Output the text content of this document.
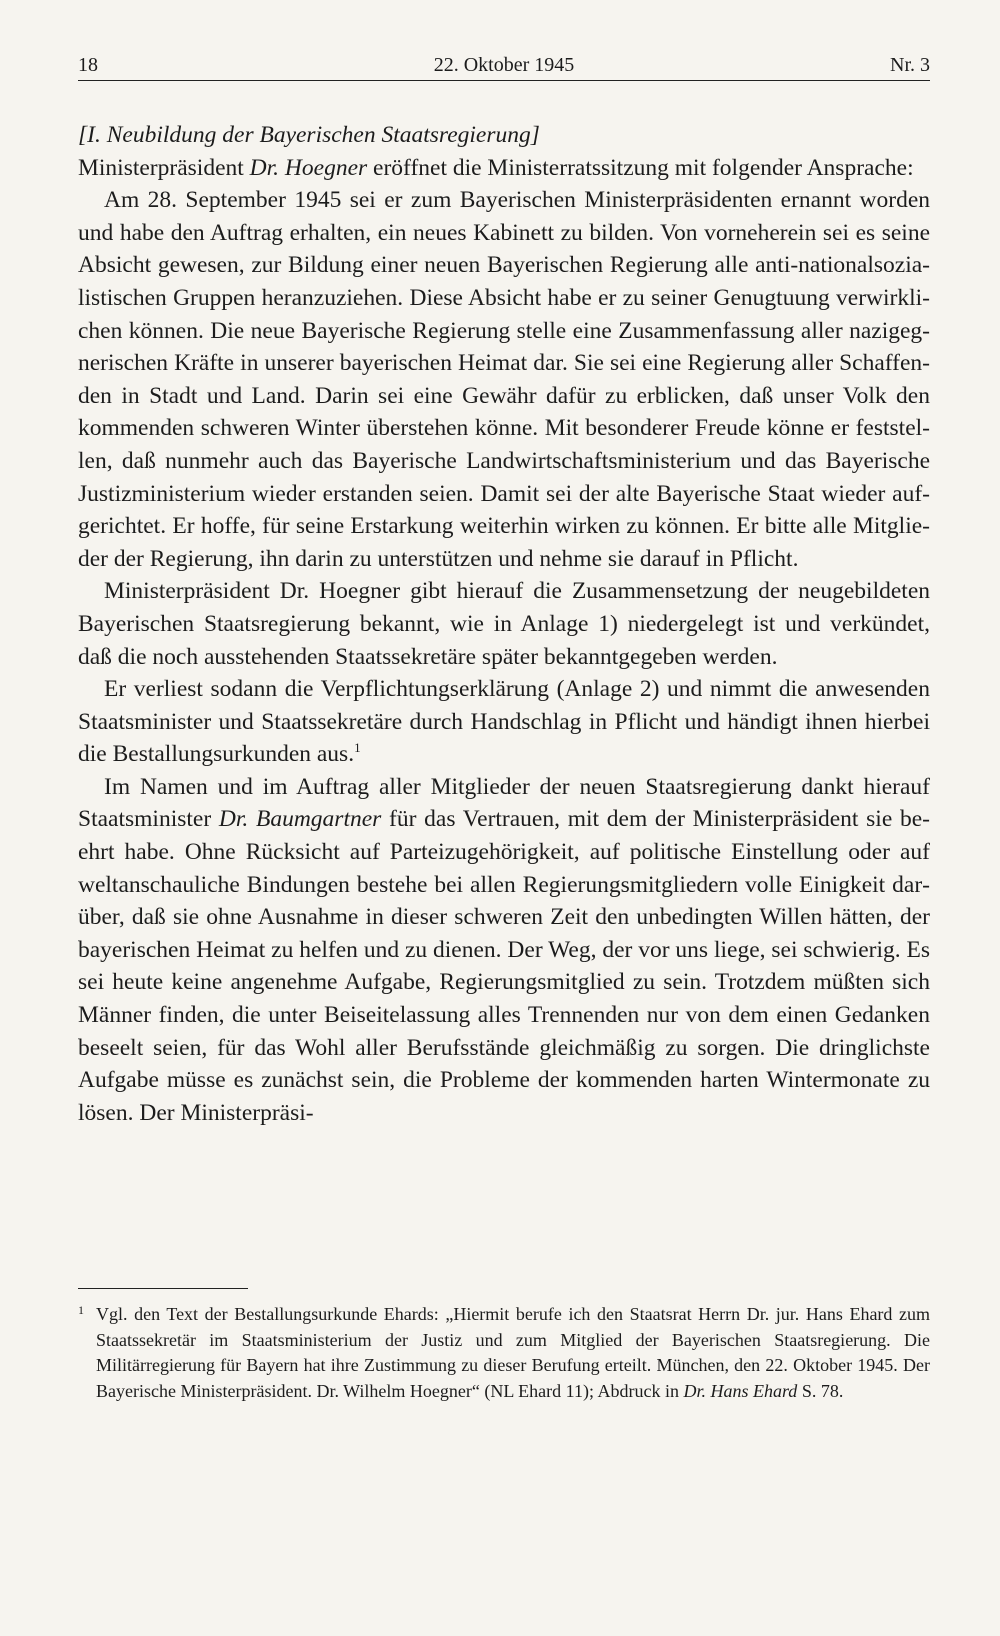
18	22. Oktober 1945	Nr. 3

[I. Neubildung der Bayerischen Staatsregierung]

Ministerpräsident Dr. Hoegner eröffnet die Ministerratssitzung mit folgender Ansprache:

Am 28. September 1945 sei er zum Bayerischen Ministerpräsidenten ernannt worden und habe den Auftrag erhalten, ein neues Kabinett zu bilden. Von vorneherein sei es seine Absicht gewesen, zur Bildung einer neuen Bayerischen Regierung alle anti-nationalsozialistischen Gruppen heranzuziehen. Diese Absicht habe er zu seiner Genugtuung verwirklichen können. Die neue Bayerische Regierung stelle eine Zusammenfassung aller nazigegnerischen Kräfte in unserer bayerischen Heimat dar. Sie sei eine Regierung aller Schaffenden in Stadt und Land. Darin sei eine Gewähr dafür zu erblicken, daß unser Volk den kommenden schweren Winter überstehen könne. Mit besonderer Freude könne er feststellen, daß nunmehr auch das Bayerische Landwirtschaftsministerium und das Bayerische Justizministerium wieder erstanden seien. Damit sei der alte Bayerische Staat wieder aufgerichtet. Er hoffe, für seine Erstarkung weiterhin wirken zu können. Er bitte alle Mitglieder der Regierung, ihn darin zu unterstützen und nehme sie darauf in Pflicht.

Ministerpräsident Dr. Hoegner gibt hierauf die Zusammensetzung der neugebildeten Bayerischen Staatsregierung bekannt, wie in Anlage 1) niedergelegt ist und verkündet, daß die noch ausstehenden Staatssekretäre später bekanntgegeben werden.

Er verliest sodann die Verpflichtungserklärung (Anlage 2) und nimmt die anwesenden Staatsminister und Staatssekretäre durch Handschlag in Pflicht und händigt ihnen hierbei die Bestallungsurkunden aus.$^1$

Im Namen und im Auftrag aller Mitglieder der neuen Staatsregierung dankt hierauf Staatsminister Dr. Baumgartner für das Vertrauen, mit dem der Ministerpräsident sie beehrt habe. Ohne Rücksicht auf Parteizugehörigkeit, auf politische Einstellung oder auf weltanschauliche Bindungen bestehe bei allen Regierungsmitgliedern volle Einigkeit darüber, daß sie ohne Ausnahme in dieser schweren Zeit den unbedingten Willen hätten, der bayerischen Heimat zu helfen und zu dienen. Der Weg, der vor uns liege, sei schwierig. Es sei heute keine angenehme Aufgabe, Regierungsmitglied zu sein. Trotzdem müßten sich Männer finden, die unter Beiseitelassung alles Trennenden nur von dem einen Gedanken beseelt seien, für das Wohl aller Berufsstände gleichmäßig zu sorgen. Die dringlichste Aufgabe müsse es zunächst sein, die Probleme der kommenden harten Wintermonate zu lösen. Der Ministerpräsi-

1 Vgl. den Text der Bestallungsurkunde Ehards: „Hiermit berufe ich den Staatsrat Herrn Dr. jur. Hans Ehard zum Staatssekretär im Staatsministerium der Justiz und zum Mitglied der Bayerischen Staatsregierung. Die Militärregierung für Bayern hat ihre Zustimmung zu dieser Berufung erteilt. München, den 22. Oktober 1945. Der Bayerische Ministerpräsident. Dr. Wilhelm Hoegner“ (NL Ehard 11); Abdruck in Dr. Hans Ehard S. 78.
